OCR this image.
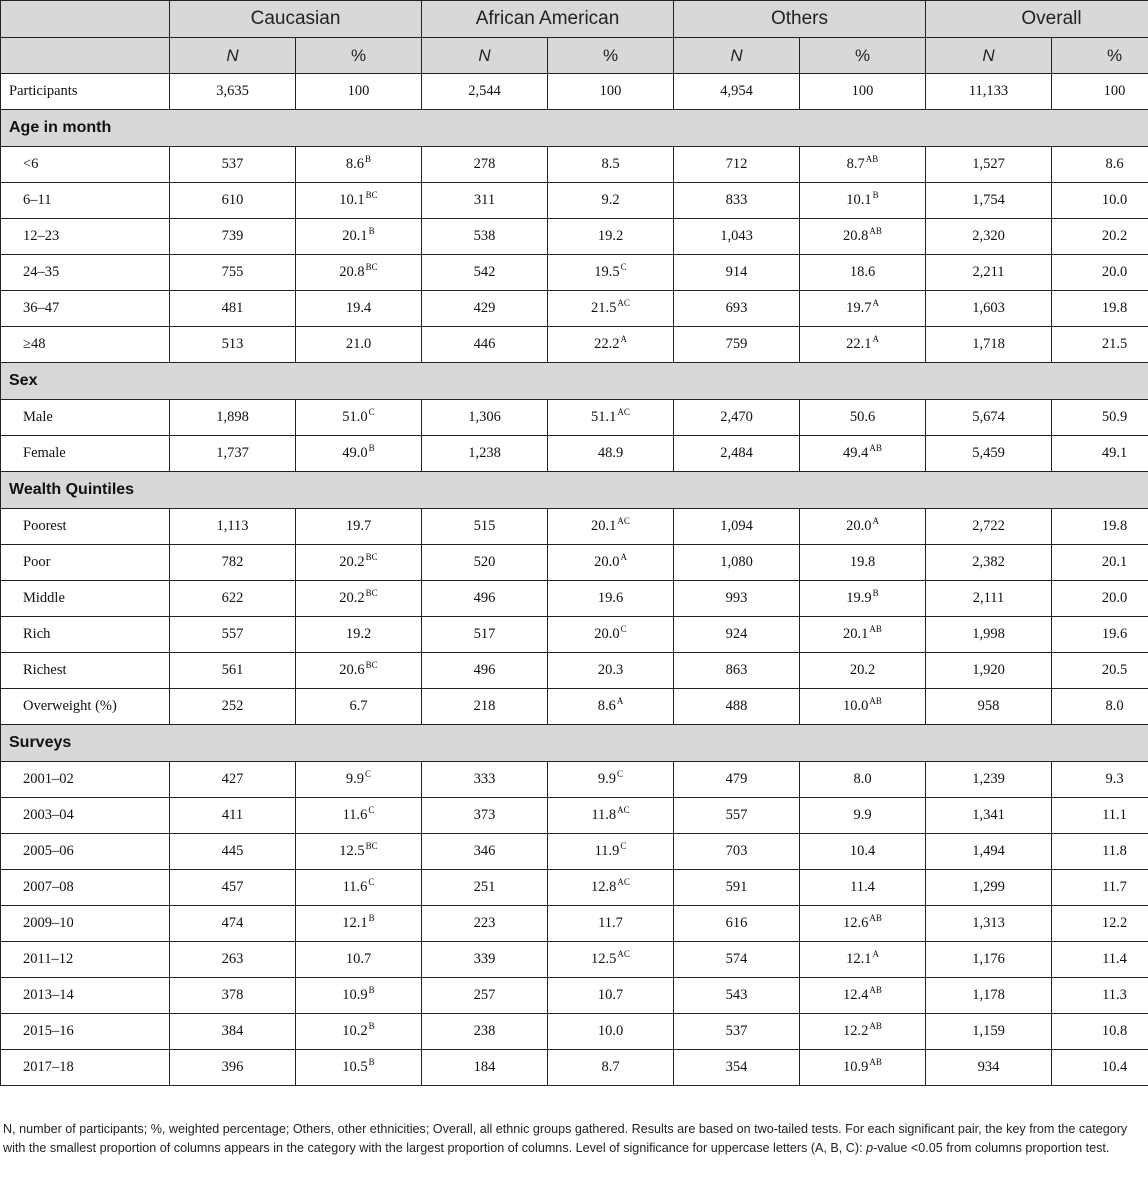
	Caucasian		African American		Others		Overall	
	N	%	N	%	N	%	N	%
Participants	3,635	100	2,544	100	4,954	100	11,133	100
Age in month								
<6	537	$8.6^B$	278	8.5	712	$8.7^{AB}$	1,527	8.6
6–11	610	$10.1^{BC}$	311	9.2	833	$10.1^B$	1,754	10.0
12–23	739	$20.1^B$	538	19.2	1,043	$20.8^{AB}$	2,320	20.2
24–35	755	$20.8^{BC}$	542	$19.5^C$	914	18.6	2,211	20.0
36–47	481	19.4	429	$21.5^{AC}$	693	$19.7^A$	1,603	19.8
≥48	513	21.0	446	$22.2^A$	759	$22.1^A$	1,718	21.5
Sex								
Male	1,898	$51.0^C$	1,306	$51.1^{AC}$	2,470	50.6	5,674	50.9
Female	1,737	$49.0^B$	1,238	48.9	2,484	$49.4^{AB}$	5,459	49.1
Wealth Quintiles								
Poorest	1,113	19.7	515	$20.1^{AC}$	1,094	$20.0^A$	2,722	19.8
Poor	782	$20.2^{BC}$	520	$20.0^A$	1,080	19.8	2,382	20.1
Middle	622	$20.2^{BC}$	496	19.6	993	$19.9^B$	2,111	20.0
Rich	557	19.2	517	$20.0^C$	924	$20.1^{AB}$	1,998	19.6
Richest	561	$20.6^{BC}$	496	20.3	863	20.2	1,920	20.5
Overweight (%)	252	6.7	218	$8.6^A$	488	$10.0^{AB}$	958	8.0
Surveys								
2001–02	427	$9.9^C$	333	$9.9^C$	479	8.0	1,239	9.3
2003–04	411	$11.6^C$	373	$11.8^{AC}$	557	9.9	1,341	11.1
2005–06	445	$12.5^{BC}$	346	$11.9^C$	703	10.4	1,494	11.8
2007–08	457	$11.6^C$	251	$12.8^{AC}$	591	11.4	1,299	11.7
2009–10	474	$12.1^B$	223	11.7	616	$12.6^{AB}$	1,313	12.2
2011–12	263	10.7	339	$12.5^{AC}$	574	$12.1^A$	1,176	11.4
2013–14	378	$10.9^B$	257	10.7	543	$12.4^{AB}$	1,178	11.3
2015–16	384	$10.2^B$	238	10.0	537	$12.2^{AB}$	1,159	10.8
2017–18	396	$10.5^B$	184	8.7	354	$10.9^{AB}$	934	10.4
N, number of participants; %, weighted percentage; Others, other ethnicities; Overall, all ethnic groups gathered. Results are based on two-tailed tests. For each significant pair, the key from the category with the smallest proportion of columns appears in the category with the largest proportion of columns. Level of significance for uppercase letters (A, B, C): p-value <0.05 from columns proportion test.
